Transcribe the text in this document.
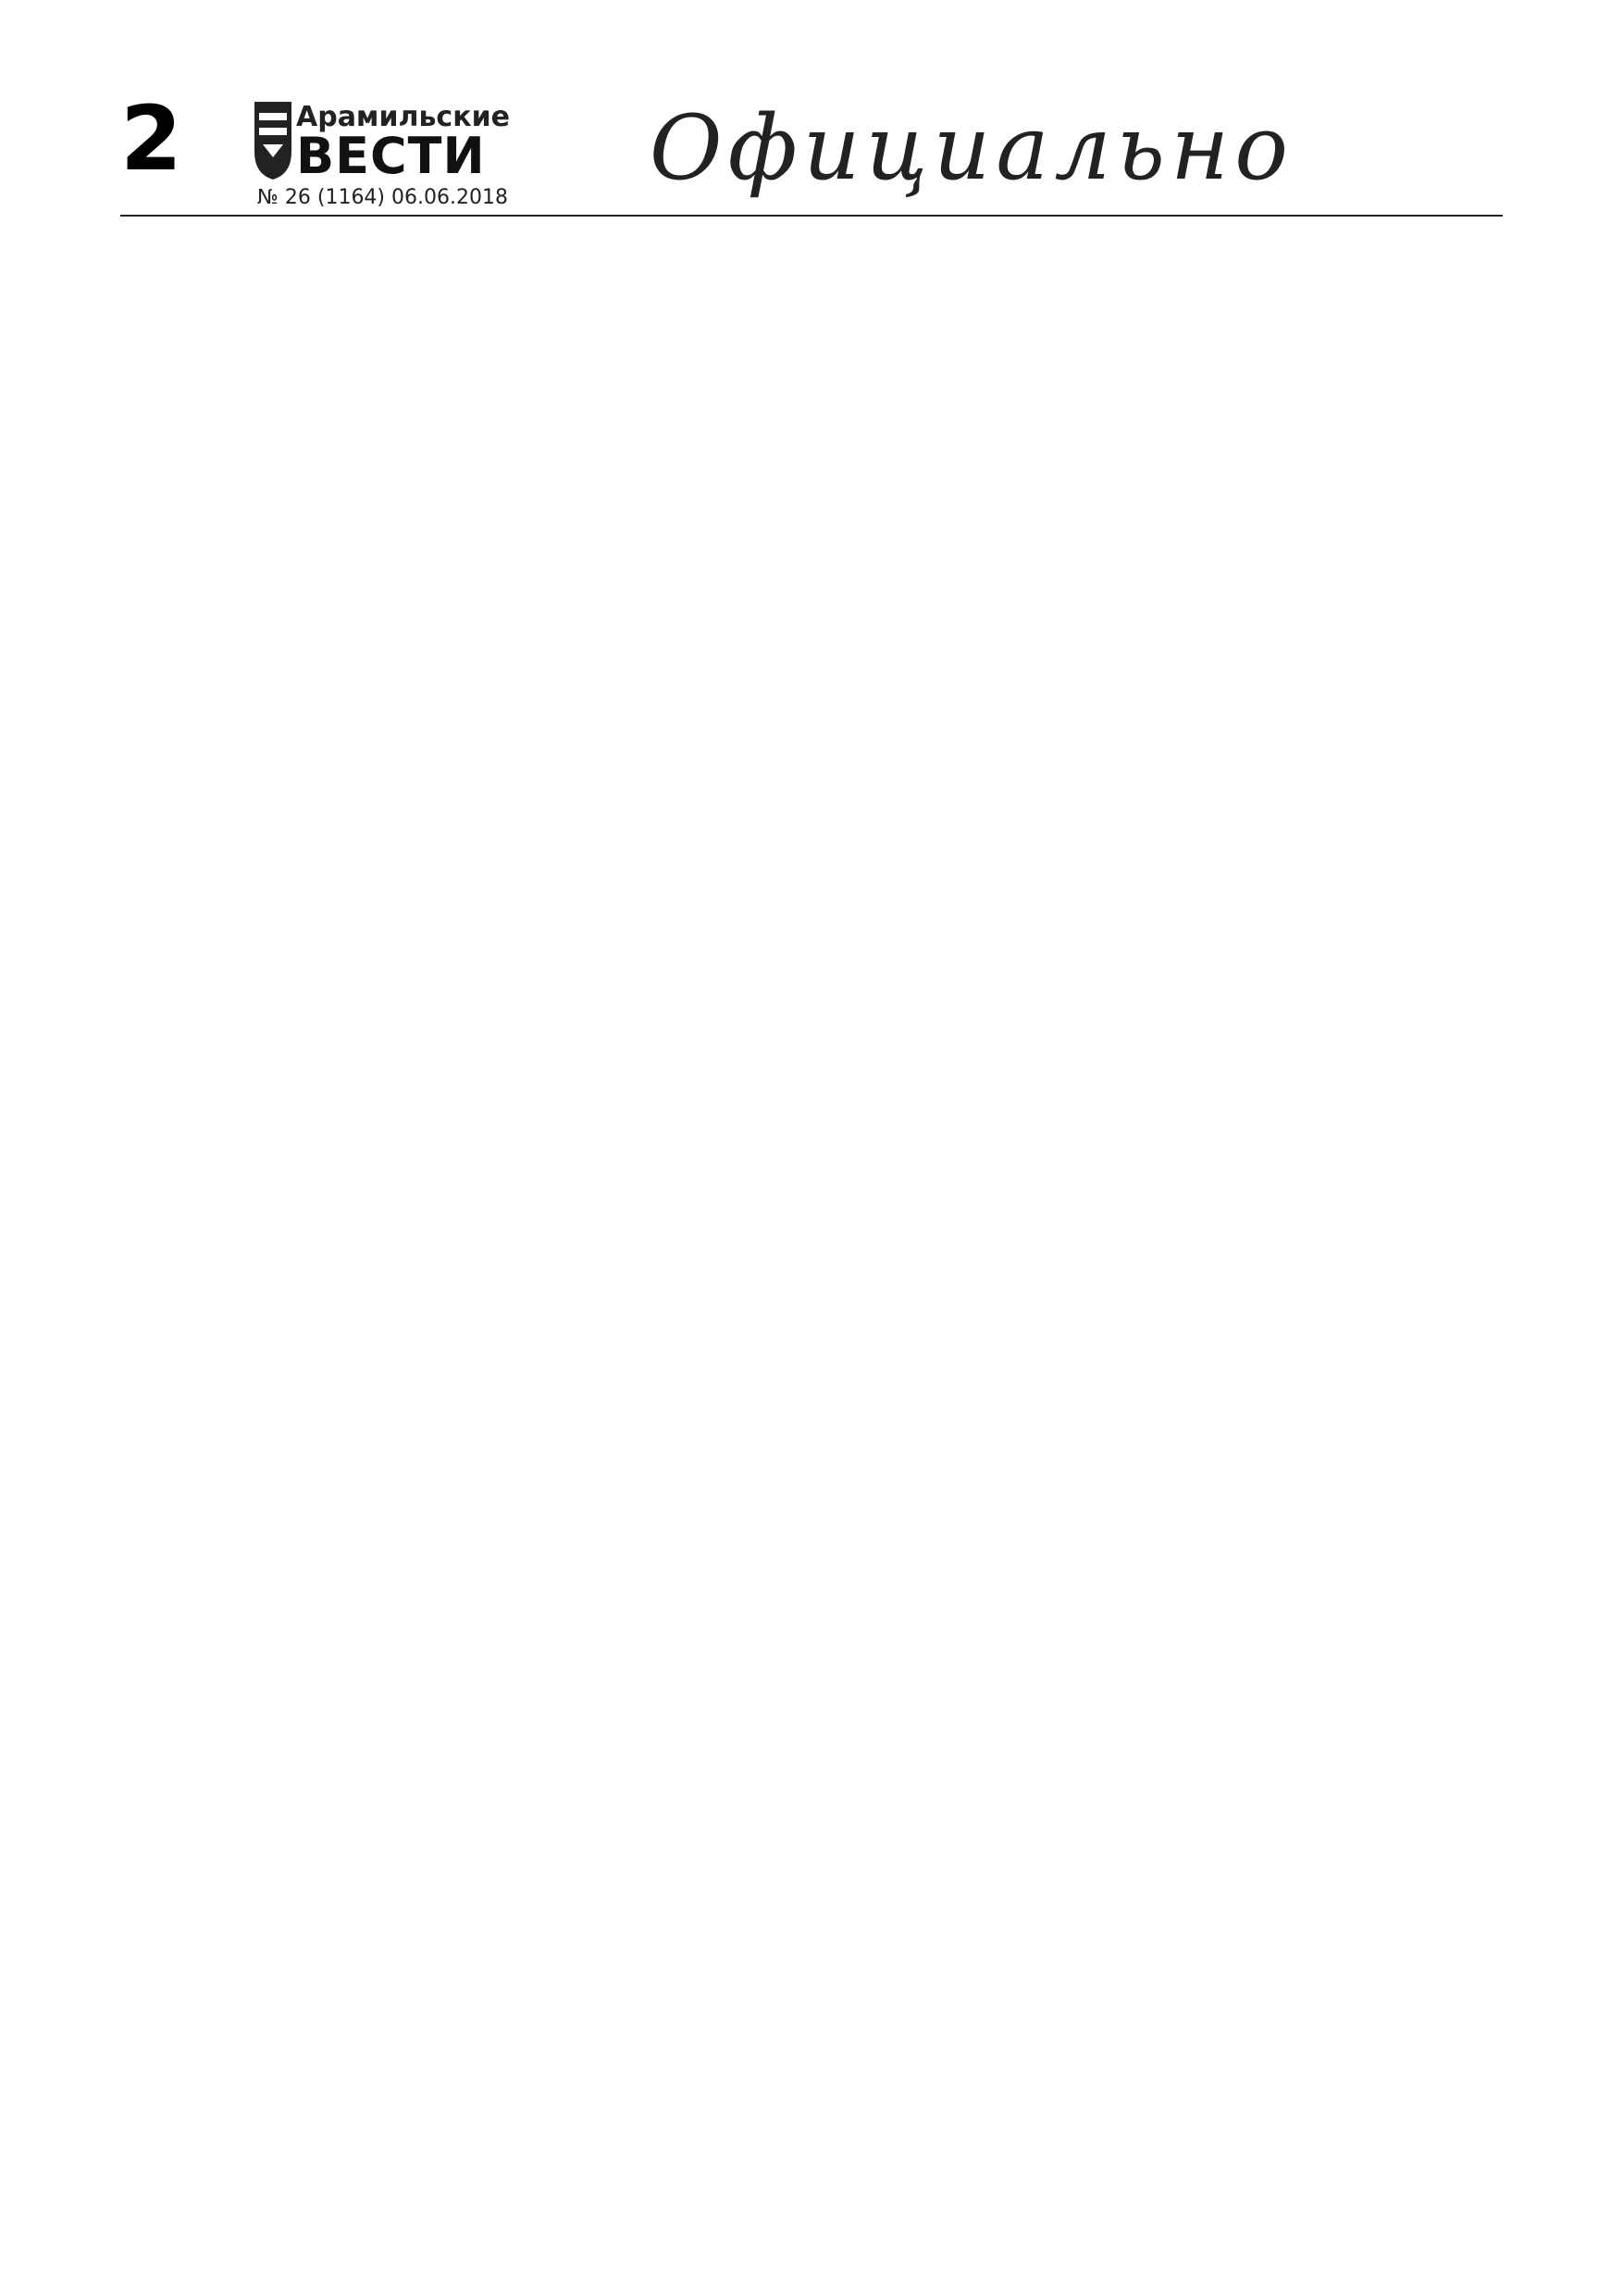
2	Арамильские
ВЕСТИ
№ 26 (1164) 06.06.2018 Официально
